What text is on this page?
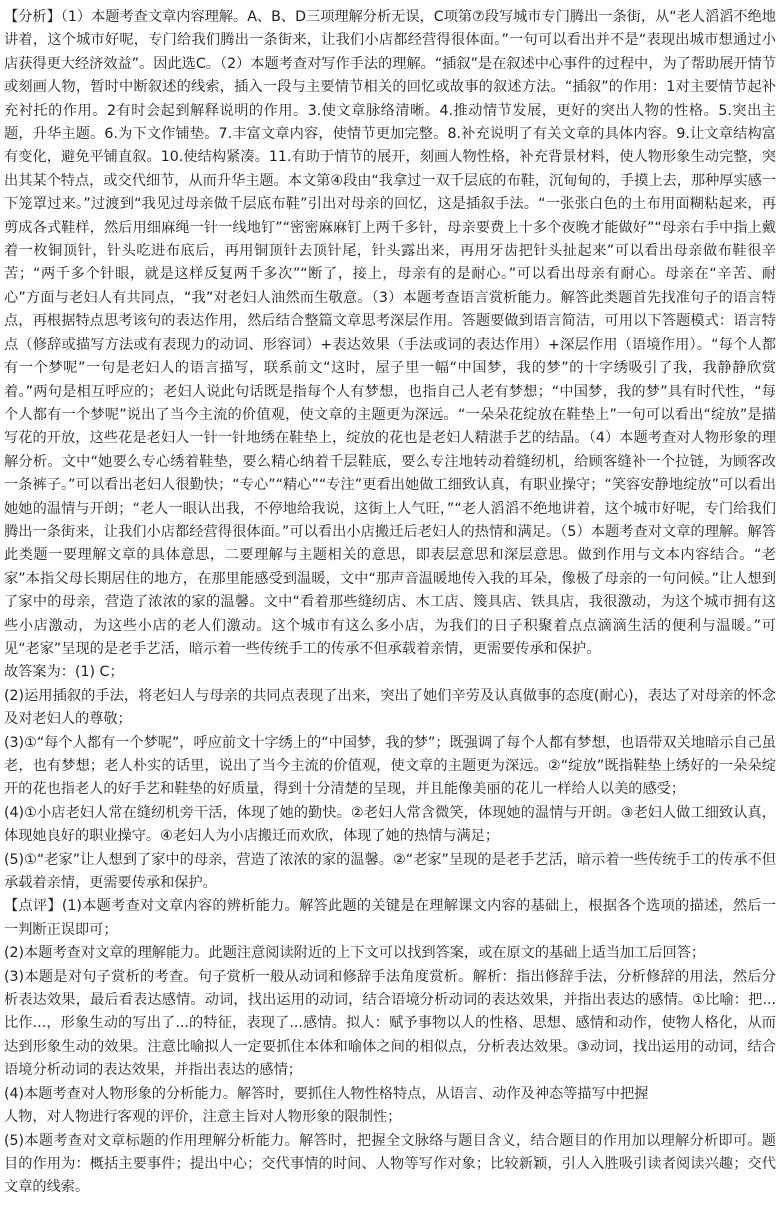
【分析】（1）本题考查文章内容理解。A、B、D三项理解分析无误，C项第⑦段写城市专门腾出一条街，从“老人滔滔不绝地讲着，这个城市好呢，专门给我们腾出一条街来，让我们小店都经营得很体面。”一句可以看出并不是“表现出城市想通过小店获得更大经济效益”。因此选C。（2）本题考查对写作手法的理解。“插叙”是在叙述中心事件的过程中，为了帮助展开情节或刻画人物，暂时中断叙述的线索，插入一段与主要情节相关的回忆或故事的叙述方法。“插叙”的作用：1对主要情节起补充衬托的作用。2有时会起到解释说明的作用。3.使文章脉络清晰。4.推动情节发展，更好的突出人物的性格。5.突出主题，升华主题。6.为下文作铺垫。7.丰富文章内容，使情节更加完整。8.补充说明了有关文章的具体内容。9.让文章结构富有变化，避免平铺直叙。10.使结构紧凑。11.有助于情节的展开，刻画人物性格，补充背景材料，使人物形象生动完整，突出其某个特点，或交代细节，从而升华主题。本文第④段由“我拿过一双千层底的布鞋，沉甸甸的，手摸上去，那种厚实感一下笼罩过来。”过渡到“我见过母亲做千层底布鞋”引出对母亲的回忆，这是插叙手法。“一张张白色的土布用面糊粘起来，再剪成各式鞋样，然后用细麻绳一针一线地钉”“密密麻麻钉上两千多针，母亲要费上十多个夜晚才能做好”“母亲右手中指上戴着一枚铜顶针，针头吃进布底后，再用铜顶针去顶针尾，针头露出来，再用牙齿把针头扯起来”可以看出母亲做布鞋很辛苦；“两千多个针眼，就是这样反复两千多次”“断了，接上，母亲有的是耐心。”可以看出母亲有耐心。母亲在“辛苦、耐心”方面与老妇人有共同点，“我”对老妇人油然而生敬意。（3）本题考查语言赏析能力。解答此类题首先找准句子的语言特点，再根据特点思考该句的表达作用，然后结合整篇文章思考深层作用。答题要做到语言简洁，可用以下答题模式：语言特点（修辞或描写方法或有表现力的动词、形容词）+表达效果（手法或词的表达作用）+深层作用（语境作用）。“每个人都有一个梦呢”一句是老妇人的语言描写，联系前文“这时，屋子里一幅“中国梦，我的梦”的十字绣吸引了我，我静静欣赏着。”两句是相互呼应的；老妇人说此句话既是指每个人有梦想，也指自己人老有梦想；“中国梦，我的梦”具有时代性，“每个人都有一个梦呢”说出了当今主流的价值观，使文章的主题更为深远。“一朵朵花绽放在鞋垫上”一句可以看出“绽放”是描写花的开放，这些花是老妇人一针一针地绣在鞋垫上，绽放的花也是老妇人精湛手艺的结晶。（4）本题考查对人物形象的理解分析。文中“她要么专心绣着鞋垫，要么精心纳着千层鞋底，要么专注地转动着缝纫机，给顾客缝补一个拉链，为顾客改一条裤子。”可以看出老妇人很勤快；“专心”“精心”“专注”更看出她做工细致认真，有职业操守；“笑容安静地绽放”可以看出她她的温情与开朗；“老人一眼认出我，不停地给我说，这街上人气旺，”“老人滔滔不绝地讲着，这个城市好呢，专门给我们腾出一条街来，让我们小店都经营得很体面。”可以看出小店搬迁后老妇人的热情和满足。（5）本题考查对文章的理解。解答此类题一要理解文章的具体意思，二要理解与主题相关的意思，即表层意思和深层意思。做到作用与文本内容结合。“老家”本指父母长期居住的地方，在那里能感受到温暖，文中“那声音温暖地传入我的耳朵，像极了母亲的一句问候。”让人想到了家中的母亲，营造了浓浓的家的温馨。文中“看着那些缝纫店、木工店、篾具店、铁具店，我很激动，为这个城市拥有这些小店激动，为这些小店的老人们激动。这个城市有这么多小店，为我们的日子积聚着点点滴滴生活的便利与温暖。”可见“老家”呈现的是老手艺活，暗示着一些传统手工的传承不但承载着亲情，更需要传承和保护。

故答案为：(1) C；

(2)运用插叙的手法，将老妇人与母亲的共同点表现了出来，突出了她们辛劳及认真做事的态度(耐心)，表达了对母亲的怀念及对老妇人的尊敬；

(3)①“每个人都有一个梦呢”，呼应前文十字绣上的“中国梦，我的梦”；既强调了每个人都有梦想，也语带双关地暗示自己虽老，也有梦想；老人朴实的话里，说出了当今主流的价值观，使文章的主题更为深远。②“绽放”既指鞋垫上绣好的一朵朵绽开的花也指老人的好手艺和鞋垫的好质量，得到十分清楚的呈现，并且能像美丽的花儿一样给人以美的感受；

(4)①小店老妇人常在缝纫机旁干活，体现了她的勤快。②老妇人常含微笑，体现她的温情与开朗。③老妇人做工细致认真，体现她良好的职业操守。④老妇人为小店搬迁而欢欣，体现了她的热情与满足；

(5)①“老家”让人想到了家中的母亲，营造了浓浓的家的温馨。②“老家”呈现的是老手艺活，暗示着一些传统手工的传承不但承载着亲情，更需要传承和保护。

【点评】(1)本题考查对文章内容的辨析能力。解答此题的关键是在理解课文内容的基础上，根据各个选项的描述，然后一一判断正误即可；

(2)本题考查对文章的理解能力。此题注意阅读附近的上下文可以找到答案，或在原文的基础上适当加工后回答；

(3)本题是对句子赏析的考查。句子赏析一般从动词和修辞手法角度赏析。解析：指出修辞手法，分析修辞的用法，然后分析表达效果，最后看表达感情。动词，找出运用的动词，结合语境分析动词的表达效果，并指出表达的感情。①比喻：把...比作...，形象生动的写出了...的特征，表现了...感情。拟人：赋予事物以人的性格、思想、感情和动作，使物人格化，从而达到形象生动的效果。注意比喻拟人一定要抓住本体和喻体之间的相似点，分析表达效果。③动词，找出运用的动词，结合语境分析动词的表达效果，并指出表达的感情；

(4)本题考查对人物形象的分析能力。解答时，要抓住人物性格特点，从语言、动作及神态等描写中把握

人物，对人物进行客观的评价，注意主旨对人物形象的限制性；

(5)本题考查对文章标题的作用理解分析能力。解答时，把握全文脉络与题目含义，结合题目的作用加以理解分析即可。题目的作用为：概括主要事件；提出中心；交代事情的时间、人物等写作对象；比较新颖，引人入胜吸引读者阅读兴趣；交代文章的线索。
